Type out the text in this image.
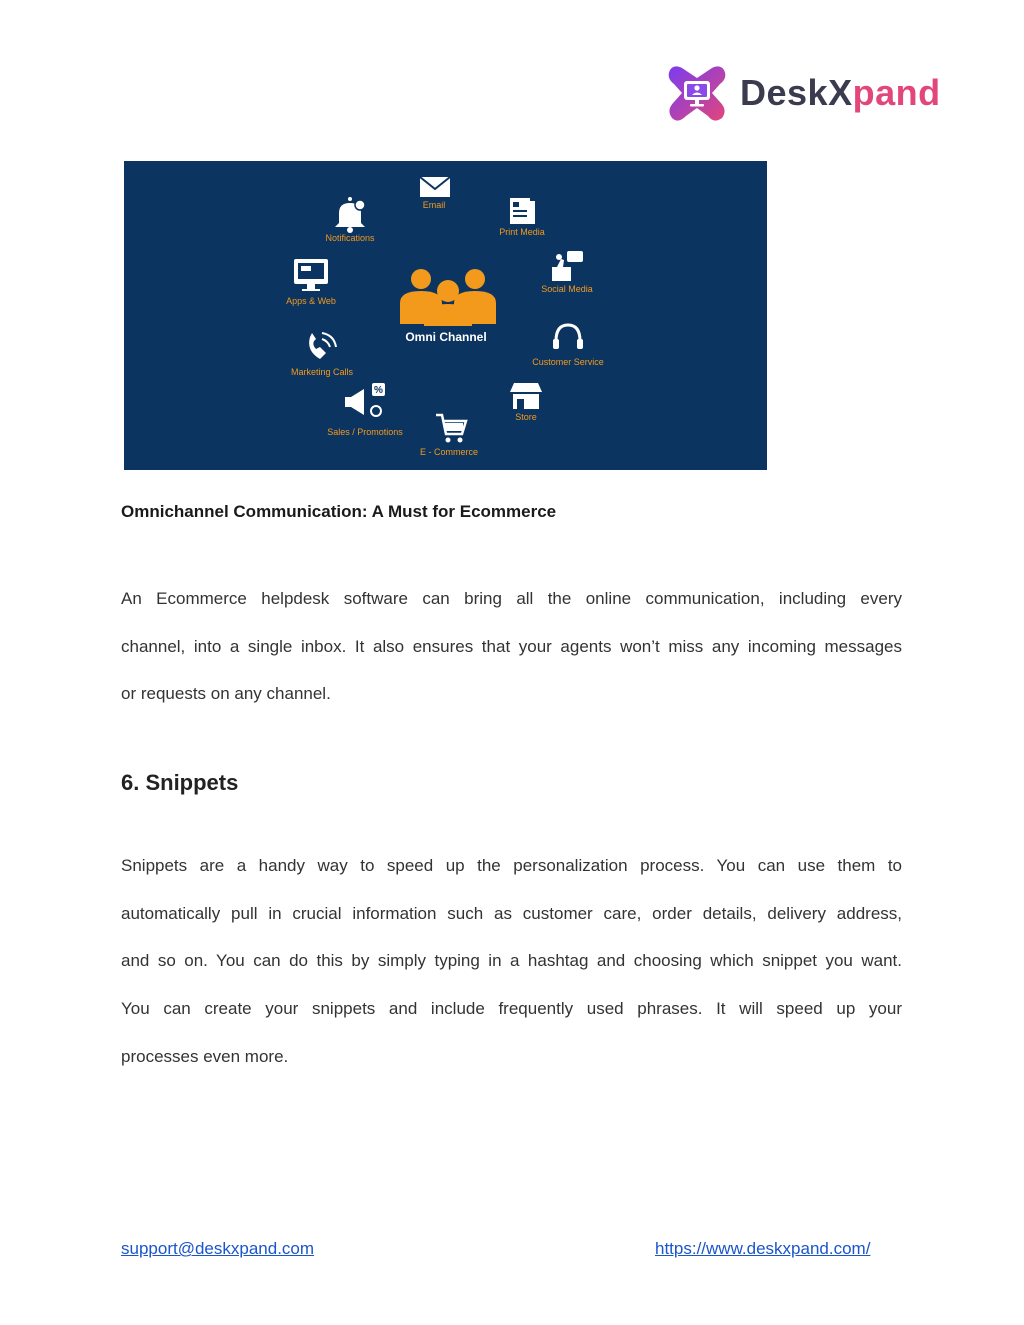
DeskXpand
Omni Channel
Email
Print Media
Social Media
Customer Service
Store
E - Commerce
%
Sales / Promotions
Marketing Calls
Apps & Web
Notifications
Omnichannel Communication: A Must for Ecommerce
An Ecommerce helpdesk software can bring all the online communication, including every
channel, into a single inbox. It also ensures that your agents won’t miss any incoming messages
or requests on any channel.
6. Snippets
Snippets are a handy way to speed up the personalization process. You can use them to
automatically pull in crucial information such as customer care, order details, delivery address,
and so on. You can do this by simply typing in a hashtag and choosing which snippet you want.
You can create your snippets and include frequently used phrases. It will speed up your
processes even more.
support@deskxpand.com	https://www.deskxpand.com/
